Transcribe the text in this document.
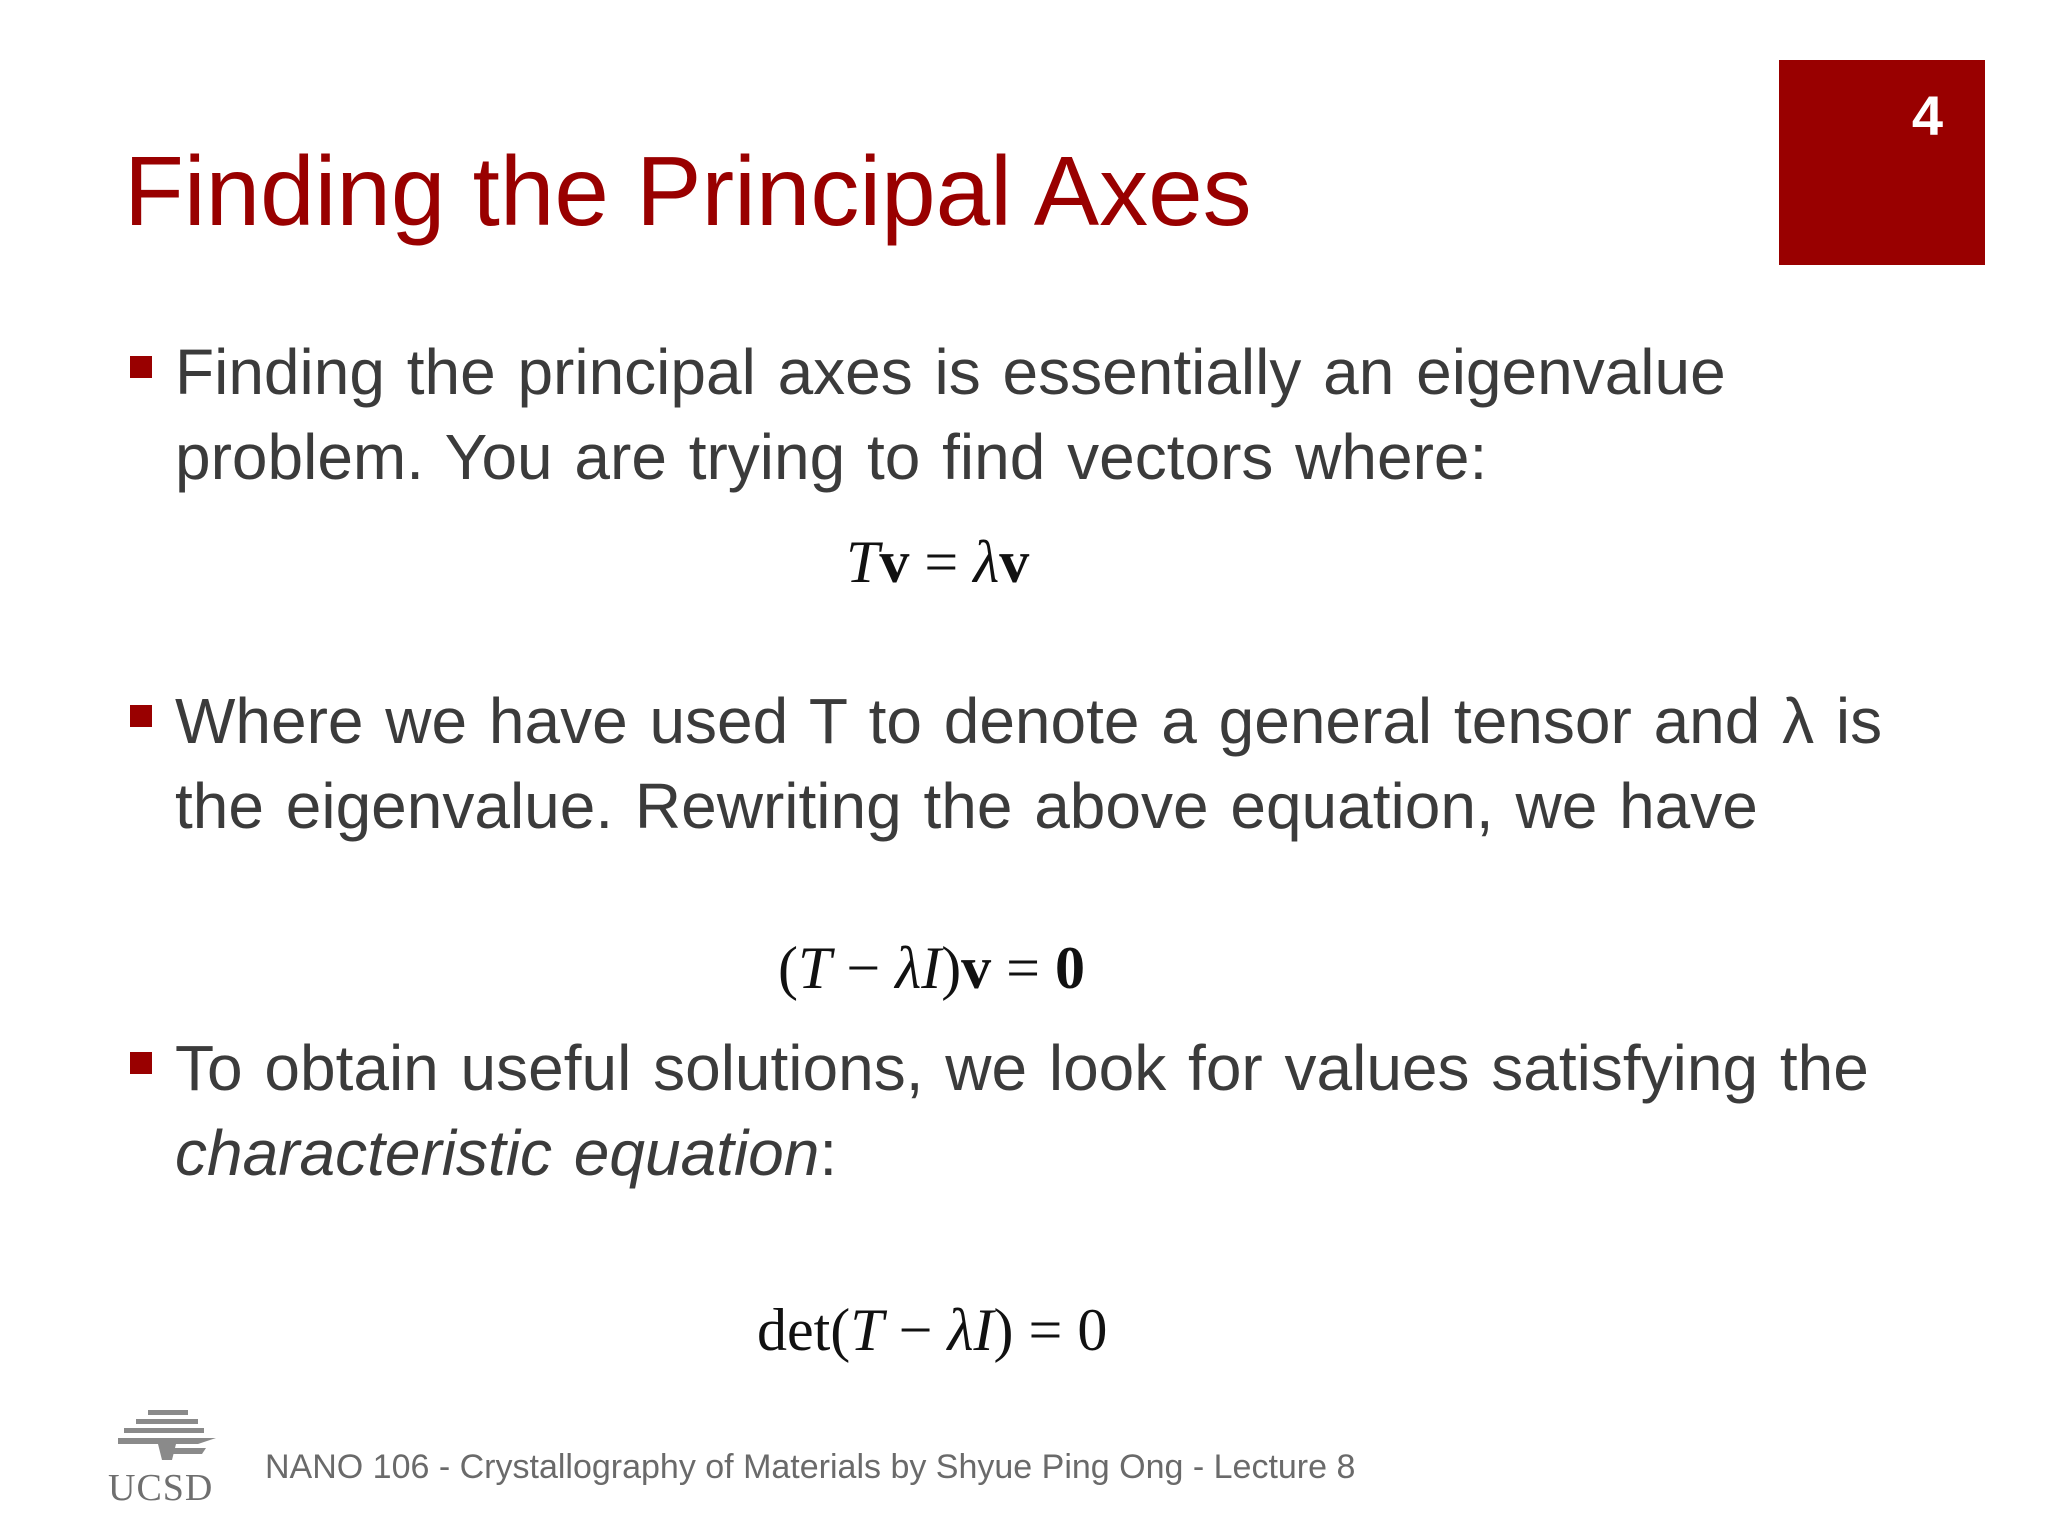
4
Finding the Principal Axes
Finding the principal axes is essentially an eigenvalue problem. You are trying to find vectors where:
Tv = λv
Where we have used T to denote a general tensor and λ is the eigenvalue. Rewriting the above equation, we have
(T − λI)v = 0
To obtain useful solutions, we look for values satisfying the characteristic equation:
det(T − λI) = 0
UCSD NANO 106 - Crystallography of Materials by Shyue Ping Ong - Lecture 8
